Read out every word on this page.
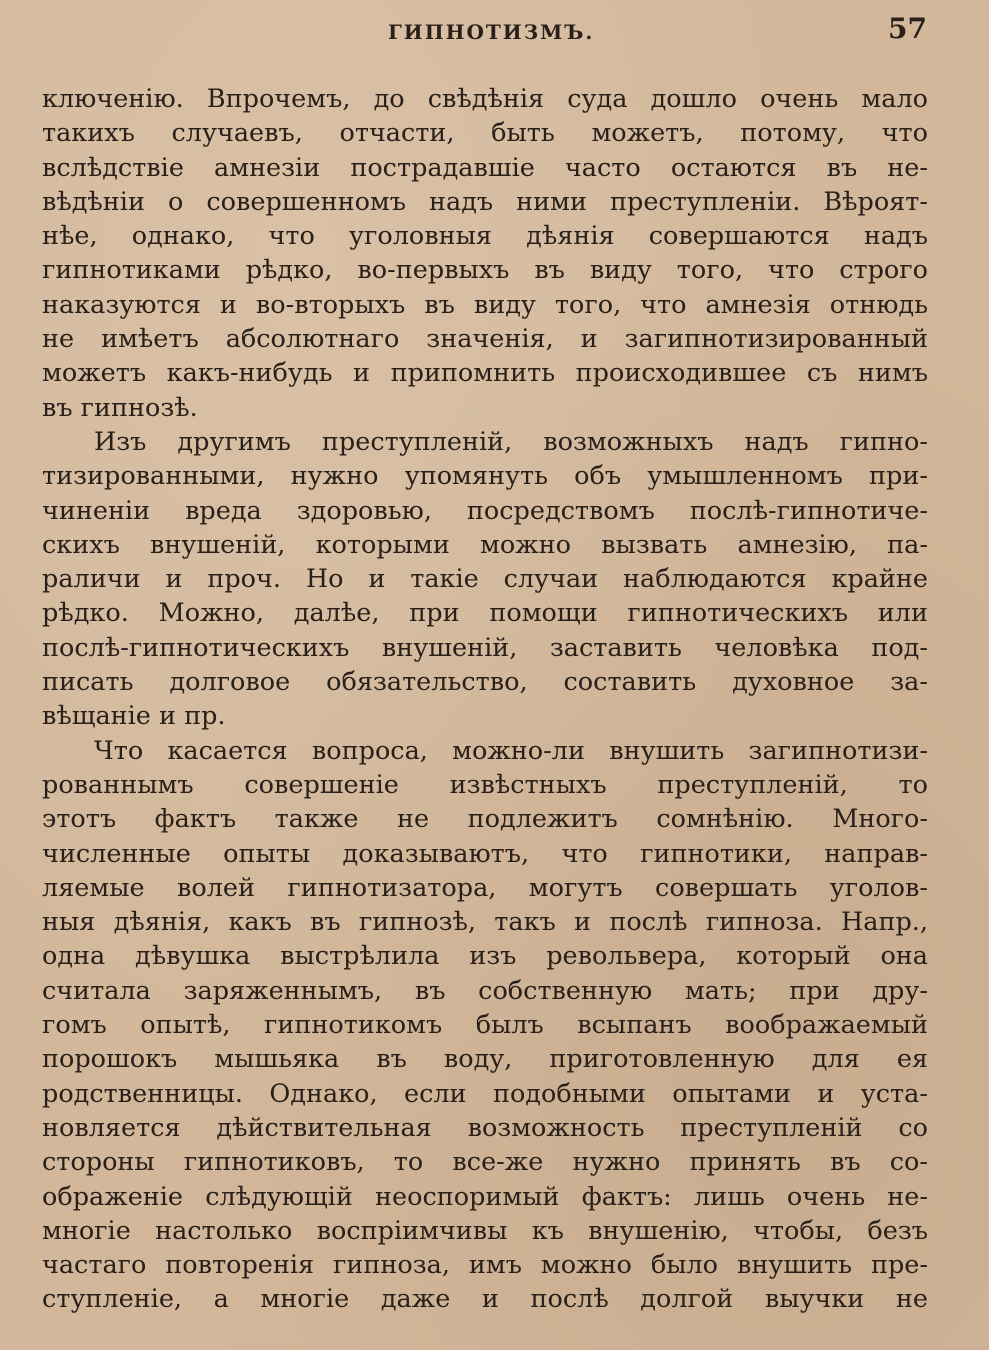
ГИПНОТИЗМЪ.	57
ключенію. Впрочемъ, до свѣдѣнія суда дошло очень мало
такихъ случаевъ, отчасти, быть можетъ, потому, что
вслѣдствіе амнезіи пострадавшіе часто остаются въ не-
вѣдѣніи о совершенномъ надъ ними преступленіи. Вѣроят-
нѣе, однако, что уголовныя дѣянія совершаются надъ
гипнотиками рѣдко, во-первыхъ въ виду того, что строго
наказуются и во-вторыхъ въ виду того, что амнезія отнюдь
не имѣетъ абсолютнаго значенія, и загипнотизированный
можетъ какъ-нибудь и припомнить происходившее съ нимъ
въ гипнозѣ.
Изъ другимъ преступленій, возможныхъ надъ гипно-
тизированными, нужно упомянуть объ умышленномъ при-
чиненіи вреда здоровью, посредствомъ послѣ-гипнотиче-
скихъ внушеній, которыми можно вызвать амнезію, па-
раличи и проч. Но и такіе случаи наблюдаются крайне
рѣдко. Можно, далѣе, при помощи гипнотическихъ или
послѣ-гипнотическихъ внушеній, заставить человѣка под-
писать долговое обязательство, составить духовное за-
вѣщаніе и пр.
Что касается вопроса, можно-ли внушить загипнотизи-
рованнымъ совершеніе извѣстныхъ преступленій, то
этотъ фактъ также не подлежитъ сомнѣнію. Много-
численные опыты доказываютъ, что гипнотики, направ-
ляемые волей гипнотизатора, могутъ совершать уголов-
ныя дѣянія, какъ въ гипнозѣ, такъ и послѣ гипноза. Напр.,
одна дѣвушка выстрѣлила изъ револьвера, который она
считала заряженнымъ, въ собственную мать; при дру-
гомъ опытѣ, гипнотикомъ былъ всыпанъ воображаемый
порошокъ мышьяка въ воду, приготовленную для ея
родственницы. Однако, если подобными опытами и уста-
новляется дѣйствительная возможность преступленій со
стороны гипнотиковъ, то все-же нужно принять въ со-
ображеніе слѣдующій неоспоримый фактъ: лишь очень не-
многіе настолько воспріимчивы къ внушенію, чтобы, безъ
частаго повторенія гипноза, имъ можно было внушить пре-
ступленіе, а многіе даже и послѣ долгой выучки не
